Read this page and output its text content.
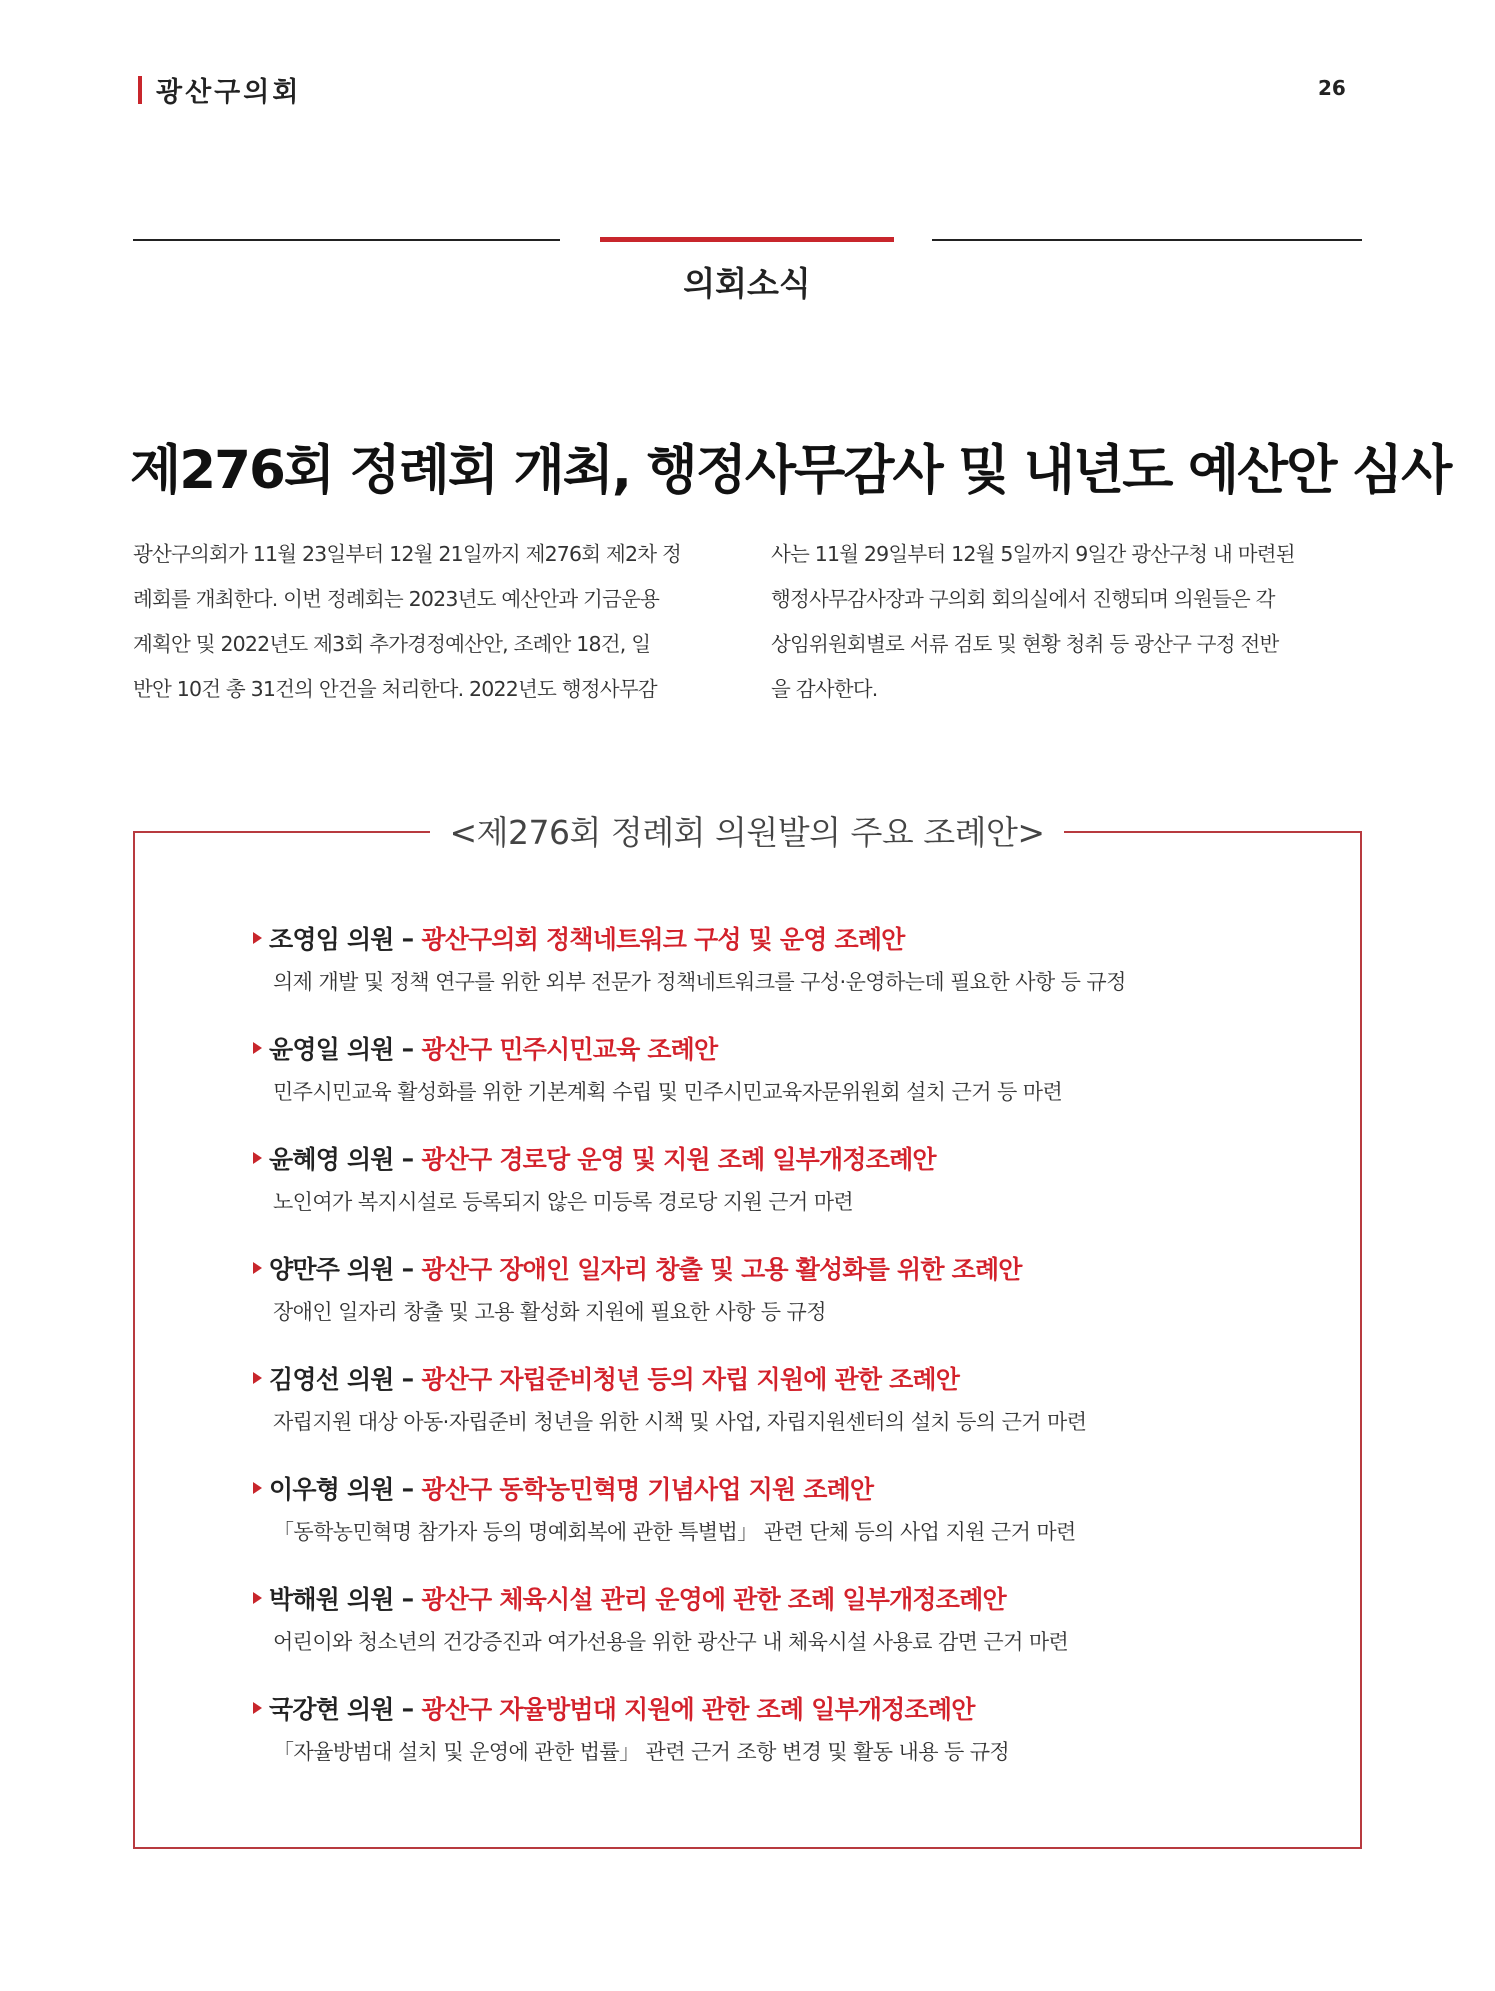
광산구의회	26
의회소식
제276회 정례회 개최, 행정사무감사 및 내년도 예산안 심사
광산구의회가 11월 23일부터 12월 21일까지 제276회 제2차 정
례회를 개최한다. 이번 정례회는 2023년도 예산안과 기금운용
계획안 및 2022년도 제3회 추가경정예산안, 조례안 18건, 일
반안 10건 총 31건의 안건을 처리한다. 2022년도 행정사무감
사는 11월 29일부터 12월 5일까지 9일간 광산구청 내 마련된
행정사무감사장과 구의회 회의실에서 진행되며 의원들은 각
상임위원회별로 서류 검토 및 현황 청취 등 광산구 구정 전반
을 감사한다.
<제276회 정례회 의원발의 주요 조례안>
조영임 의원 – 광산구의회 정책네트워크 구성 및 운영 조례안
의제 개발 및 정책 연구를 위한 외부 전문가 정책네트워크를 구성·운영하는데 필요한 사항 등 규정
윤영일 의원 – 광산구 민주시민교육 조례안
민주시민교육 활성화를 위한 기본계획 수립 및 민주시민교육자문위원회 설치 근거 등 마련
윤혜영 의원 – 광산구 경로당 운영 및 지원 조례 일부개정조례안
노인여가 복지시설로 등록되지 않은 미등록 경로당 지원 근거 마련
양만주 의원 – 광산구 장애인 일자리 창출 및 고용 활성화를 위한 조례안
장애인 일자리 창출 및 고용 활성화 지원에 필요한 사항 등 규정
김영선 의원 – 광산구 자립준비청년 등의 자립 지원에 관한 조례안
자립지원 대상 아동·자립준비 청년을 위한 시책 및 사업, 자립지원센터의 설치 등의 근거 마련
이우형 의원 – 광산구 동학농민혁명 기념사업 지원 조례안
「동학농민혁명 참가자 등의 명예회복에 관한 특별법」 관련 단체 등의 사업 지원 근거 마련
박해원 의원 – 광산구 체육시설 관리 운영에 관한 조례 일부개정조례안
어린이와 청소년의 건강증진과 여가선용을 위한 광산구 내 체육시설 사용료 감면 근거 마련
국강현 의원 – 광산구 자율방범대 지원에 관한 조례 일부개정조례안
「자율방범대 설치 및 운영에 관한 법률」 관련 근거 조항 변경 및 활동 내용 등 규정
